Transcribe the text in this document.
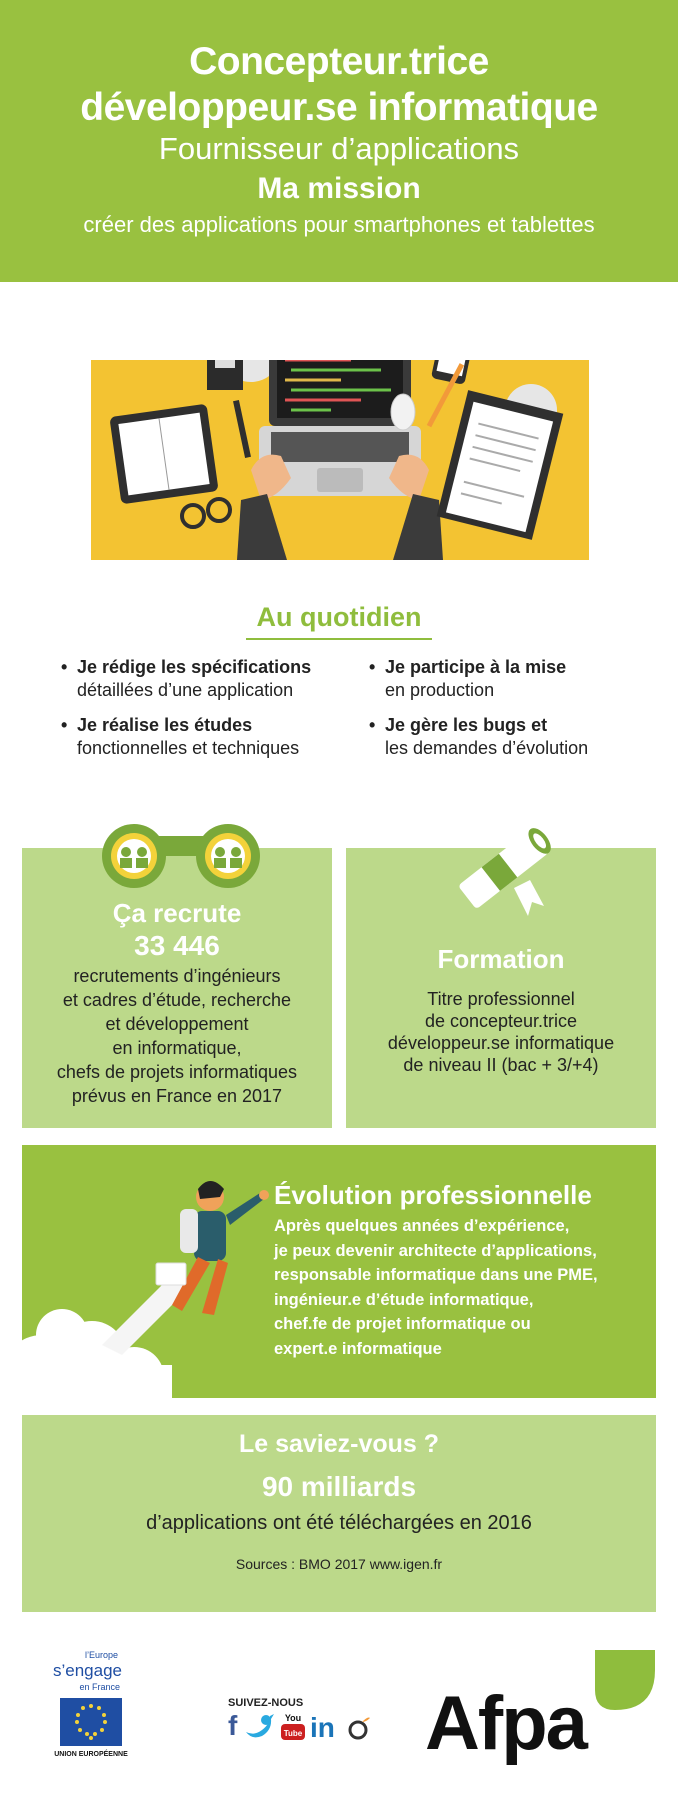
Concepteur.trice
développeur.se informatique
Fournisseur d’applications
Ma mission
créer des applications pour smartphones et tablettes
Au quotidien
• Je rédige les spécifications
détaillées d’une application
• Je réalise les études
fonctionnelles et techniques
• Je participe à la mise
en production
• Je gère les bugs et
les demandes d’évolution
Ça recrute
33 446
recrutements d’ingénieurs
et cadres d’étude, recherche
et développement
en informatique,
chefs de projets informatiques
prévus en France en 2017
Formation
Titre professionnel
de concepteur.trice
développeur.se informatique
de niveau II (bac + 3/+4)
Évolution professionnelle
Après quelques années d’expérience,
je peux devenir architecte d’applications,
responsable informatique dans une PME,
ingénieur.e d’étude informatique,
chef.fe de projet informatique ou
expert.e informatique
Le saviez-vous ?
90 milliards
d’applications ont été téléchargées en 2016
Sources : BMO 2017 www.igen.fr
l’Europe
s’engage
en France
UNION EUROPÉENNE
SUIVEZ-NOUS
f	You
Tube in Afpa
